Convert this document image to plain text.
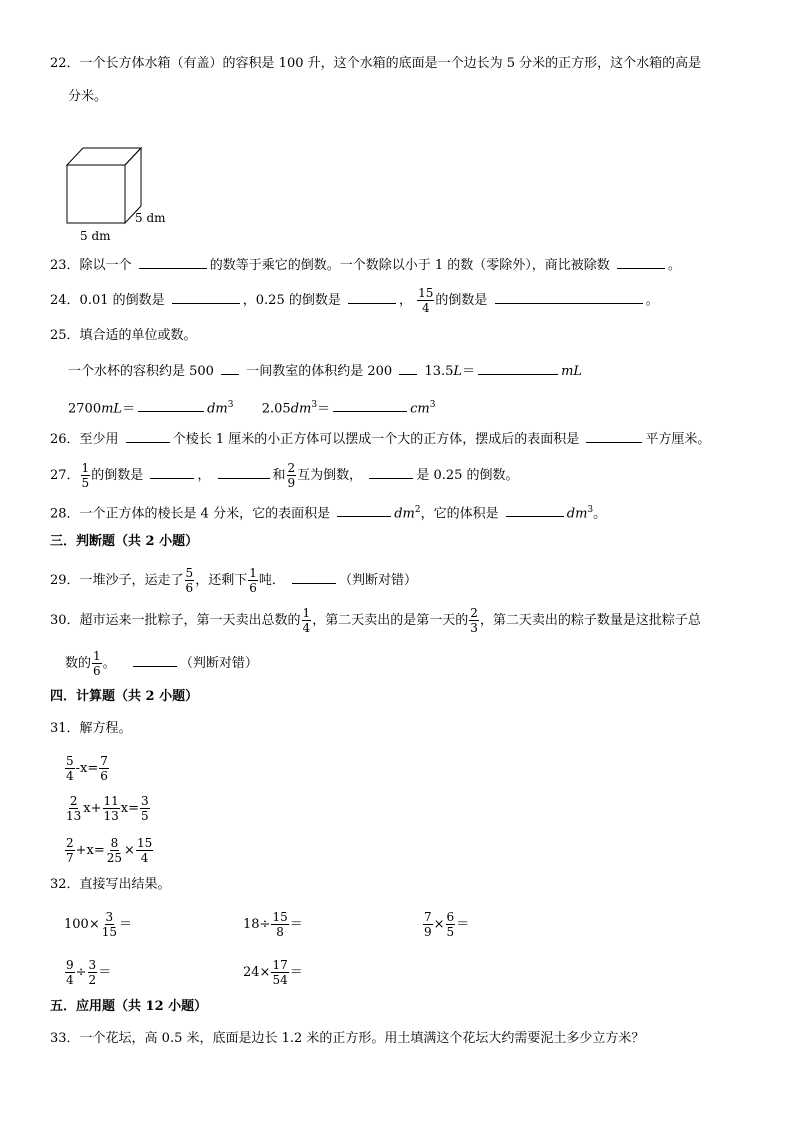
22．一个长方体水箱（有盖）的容积是 100 升，这个水箱的底面是一个边长为 5 分米的正方形，这个水箱的高是
分米。
5 dm
5 dm
23．除以一个	的数等于乘它的倒数。一个数除以小于 1 的数（零除外），商比被除数	。
24．0.01 的倒数是	，0.25 的倒数是	， $\frac{15}{4}$ 的倒数是	。
25．填合适的单位或数。
一个水杯的容积约是 500 一间教室的体积约是 200 13.5L＝	mL
2700mL＝	$dm^3$ $2.05dm^3=$	$cm^3$
26．至少用	个棱长 1 厘米的小正方体可以摆成一个大的正方体，摆成后的表面积是	平方厘米。
27． $\frac{1}{5}$ 的倒数是	，	和 $\frac{2}{9}$ 互为倒数，	是 0.25 的倒数。
28．一个正方体的棱长是 4 分米，它的表面积是	$dm^2$，它的体积是	$dm^3$。
三．判断题（共 2 小题）
29．一堆沙子，运走了 $\frac{5}{6}$ ，还剩下 $\frac{1}{6}$ 吨．	（判断对错）
30．超市运来一批粽子，第一天卖出总数的 $\frac{1}{4}$ ，第二天卖出的是第一天的 $\frac{2}{3}$ ，第二天卖出的粽子数量是这批粽子总
数的 $\frac{1}{6}$ 。	（判断对错）
四．计算题（共 2 小题）
31．解方程。
$\frac{5}{4} -x= \frac{7}{6}$
$\frac{2}{13} x+ \frac{11}{13} x= \frac{3}{5}$
$\frac{2}{7} +x= \frac{8}{25} \times \frac{15}{4}$
32．直接写出结果。
$100\times \frac{3}{15}$ ＝	$18\div \frac{15}{8}$ ＝	$\frac{7}{9} \times \frac{6}{5}$ ＝
$\frac{9}{4} \div \frac{3}{2}$ ＝	$24\times \frac{17}{54}$ ＝
五．应用题（共 12 小题）
33．一个花坛，高 0.5 米，底面是边长 1.2 米的正方形。用土填满这个花坛大约需要泥土多少立方米？
